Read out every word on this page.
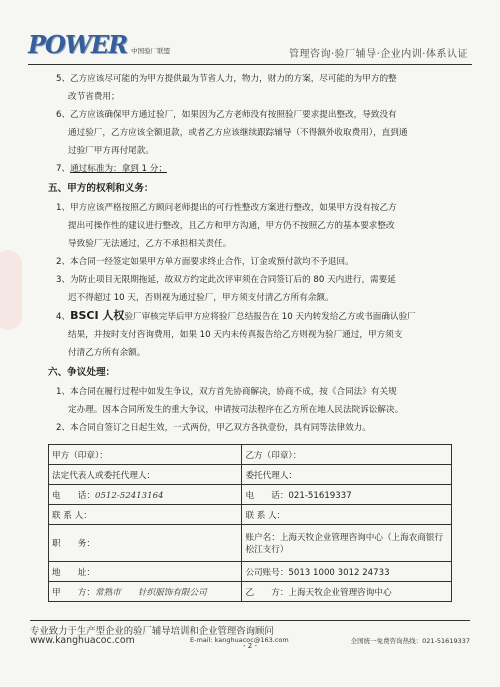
POWER 中国验厂联盟	管理咨询·验厂辅导·企业内训·体系认证

5、乙方应该尽可能的为甲方提供最为节省人力，物力，财力的方案，尽可能的为甲方的整

改节省费用；

6、乙方应该确保甲方通过验厂，如果因为乙方老师没有按照验厂要求提出整改，导致没有

通过验厂，乙方应该全额退款，或者乙方应该继续跟踪辅导（不得额外收取费用），直到通

过验厂甲方再付尾款。

7、通过标准为：拿到 1 分；

五、甲方的权利和义务：

1、甲方应该严格按照乙方顾问老师提出的可行性整改方案进行整改，如果甲方没有按乙方

提出可操作性的建议进行整改，且乙方和甲方沟通，甲方仍不按照乙方的基本要求整改

导致验厂无法通过，乙方不承担相关责任。

2、本合同一经签定如果甲方单方面要求终止合作，订金或预付款均不予退回。

3、为防止项目无限期拖延，故双方约定此次评审须在合同签订后的 80 天内进行，需要延

迟不得超过 10 天，否则视为通过验厂，甲方须支付清乙方所有余额。

4、BSCI 人权验厂审核完毕后甲方应将验厂总结报告在 10 天内转发给乙方或书面确认验厂

结果，并按时支付咨询费用，如果 10 天内未传真报告给乙方则视为验厂通过，甲方须支

付清乙方所有余额。

六、争议处理：

1、本合同在履行过程中如发生争议，双方首先协商解决，协商不成，按《合同法》有关规

定办理。因本合同所发生的重大争议，申请按司法程序在乙方所在地人民法院诉讼解决。

2、本合同自签订之日起生效，一式两份，甲乙双方各执壹份，具有同等法律效力。

甲方（印章）：	乙方（印章）：
法定代表人或委托代理人：	委托代理人：
电　　话：0512-52413164	电　　话：021-51619337
联 系 人：	联 系 人：
职　　务：	账户名：上海天牧企业管理咨询中心（上海农商银行松江支行）
地　　址：	公司账号：5013 1000 3012 24733
甲　　方：常熟市　　针织服饰有限公司	乙　　方：上海天牧企业管理咨询中心
专业致力于生产型企业的验厂辅导培训和企业管理咨询顾问
www.kanghuacoc.com	E-mail: kanghuacoc@163.com	全国统一免费咨询热线：021-51619337
- 2 -
